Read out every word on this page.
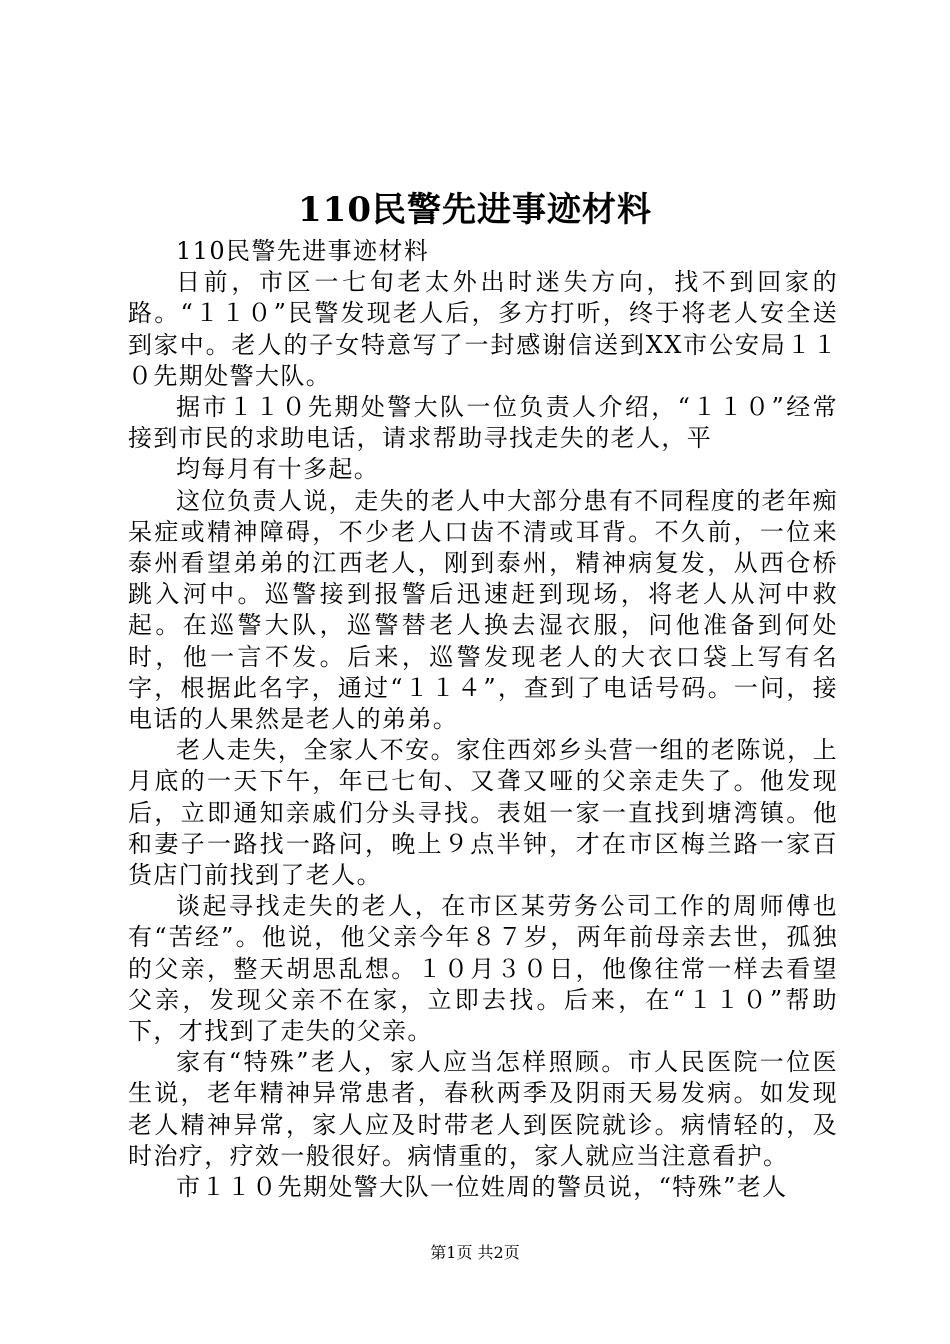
110民警先进事迹材料

110民警先进事迹材料

日前，市区一七旬老太外出时迷失方向，找不到回家的路。“１１０”民警发现老人后，多方打听，终于将老人安全送到家中。老人的子女特意写了一封感谢信送到XX市公安局１１０先期处警大队。

据市１１０先期处警大队一位负责人介绍，“１１０”经常接到市民的求助电话，请求帮助寻找走失的老人，平

均每月有十多起。

这位负责人说，走失的老人中大部分患有不同程度的老年痴呆症或精神障碍，不少老人口齿不清或耳背。不久前，一位来泰州看望弟弟的江西老人，刚到泰州，精神病复发，从西仓桥跳入河中。巡警接到报警后迅速赶到现场，将老人从河中救起。在巡警大队，巡警替老人换去湿衣服，问他准备到何处时，他一言不发。后来，巡警发现老人的大衣口袋上写有名字，根据此名字，通过“１１４”，查到了电话号码。一问，接电话的人果然是老人的弟弟。

老人走失，全家人不安。家住西郊乡头营一组的老陈说，上月底的一天下午，年已七旬、又聋又哑的父亲走失了。他发现后，立即通知亲戚们分头寻找。表姐一家一直找到塘湾镇。他和妻子一路找一路问，晚上９点半钟，才在市区梅兰路一家百货店门前找到了老人。

谈起寻找走失的老人，在市区某劳务公司工作的周师傅也有“苦经”。他说，他父亲今年８７岁，两年前母亲去世，孤独的父亲，整天胡思乱想。１０月３０日，他像往常一样去看望父亲，发现父亲不在家，立即去找。后来，在“１１０”帮助下，才找到了走失的父亲。

家有“特殊”老人，家人应当怎样照顾。市人民医院一位医生说，老年精神异常患者，春秋两季及阴雨天易发病。如发现老人精神异常，家人应及时带老人到医院就诊。病情轻的，及时治疗，疗效一般很好。病情重的，家人就应当注意看护。

市１１０先期处警大队一位姓周的警员说，“特殊”老人

第1页 共2页
